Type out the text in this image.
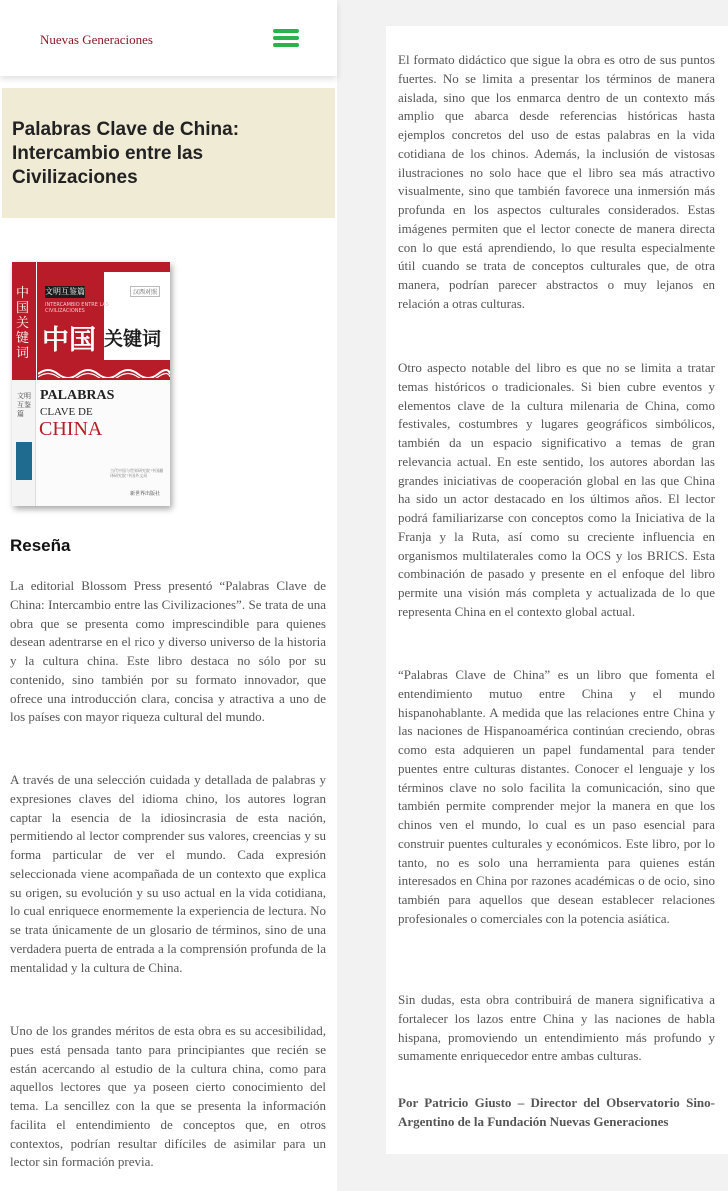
Nuevas Generaciones
Palabras Clave de China: Intercambio entre las Civilizaciones
中国关键词
文明互鉴篇
文明互鉴篇
INTERCAMBIO ENTRE LAS CIVILIZACIONES
汉西对照
中国 关键词
PALABRAS
CLAVE DE
CHINA
当代中国与世界研究院 中国翻译研究院 中国外文局
新世界出版社
Reseña

La editorial Blossom Press presentó “Palabras Clave de China: Intercambio entre las Civilizaciones”. Se trata de una obra que se presenta como imprescindible para quienes desean adentrarse en el rico y diverso universo de la historia y la cultura china. Este libro destaca no sólo por su contenido, sino también por su formato innovador, que ofrece una introducción clara, concisa y atractiva a uno de los países con mayor riqueza cultural del mundo.

A través de una selección cuidada y detallada de palabras y expresiones claves del idioma chino, los autores logran captar la esencia de la idiosincrasia de esta nación, permitiendo al lector comprender sus valores, creencias y su forma particular de ver el mundo. Cada expresión seleccionada viene acompañada de un contexto que explica su origen, su evolución y su uso actual en la vida cotidiana, lo cual enriquece enormemente la experiencia de lectura. No se trata únicamente de un glosario de términos, sino de una verdadera puerta de entrada a la comprensión profunda de la mentalidad y la cultura de China.

Uno de los grandes méritos de esta obra es su accesibilidad, pues está pensada tanto para principiantes que recién se están acercando al estudio de la cultura china, como para aquellos lectores que ya poseen cierto conocimiento del tema. La sencillez con la que se presenta la información facilita el entendimiento de conceptos que, en otros contextos, podrían resultar difíciles de asimilar para un lector sin formación previa.

El formato didáctico que sigue la obra es otro de sus puntos fuertes. No se limita a presentar los términos de manera aislada, sino que los enmarca dentro de un contexto más amplio que abarca desde referencias históricas hasta ejemplos concretos del uso de estas palabras en la vida cotidiana de los chinos. Además, la inclusión de vistosas ilustraciones no solo hace que el libro sea más atractivo visualmente, sino que también favorece una inmersión más profunda en los aspectos culturales considerados. Estas imágenes permiten que el lector conecte de manera directa con lo que está aprendiendo, lo que resulta especialmente útil cuando se trata de conceptos culturales que, de otra manera, podrían parecer abstractos o muy lejanos en relación a otras culturas.

Otro aspecto notable del libro es que no se limita a tratar temas históricos o tradicionales. Si bien cubre eventos y elementos clave de la cultura milenaria de China, como festivales, costumbres y lugares geográficos simbólicos, también da un espacio significativo a temas de gran relevancia actual. En este sentido, los autores abordan las grandes iniciativas de cooperación global en las que China ha sido un actor destacado en los últimos años. El lector podrá familiarizarse con conceptos como la Iniciativa de la Franja y la Ruta, así como su creciente influencia en organismos multilaterales como la OCS y los BRICS. Esta combinación de pasado y presente en el enfoque del libro permite una visión más completa y actualizada de lo que representa China en el contexto global actual.

“Palabras Clave de China” es un libro que fomenta el entendimiento mutuo entre China y el mundo hispanohablante. A medida que las relaciones entre China y las naciones de Hispanoamérica continúan creciendo, obras como esta adquieren un papel fundamental para tender puentes entre culturas distantes. Conocer el lenguaje y los términos clave no solo facilita la comunicación, sino que también permite comprender mejor la manera en que los chinos ven el mundo, lo cual es un paso esencial para construir puentes culturales y económicos. Este libro, por lo tanto, no es solo una herramienta para quienes están interesados en China por razones académicas o de ocio, sino también para aquellos que desean establecer relaciones profesionales o comerciales con la potencia asiática.

Sin dudas, esta obra contribuirá de manera significativa a fortalecer los lazos entre China y las naciones de habla hispana, promoviendo un entendimiento más profundo y sumamente enriquecedor entre ambas culturas.

Por Patricio Giusto – Director del Observatorio Sino-Argentino de la Fundación Nuevas Generaciones
